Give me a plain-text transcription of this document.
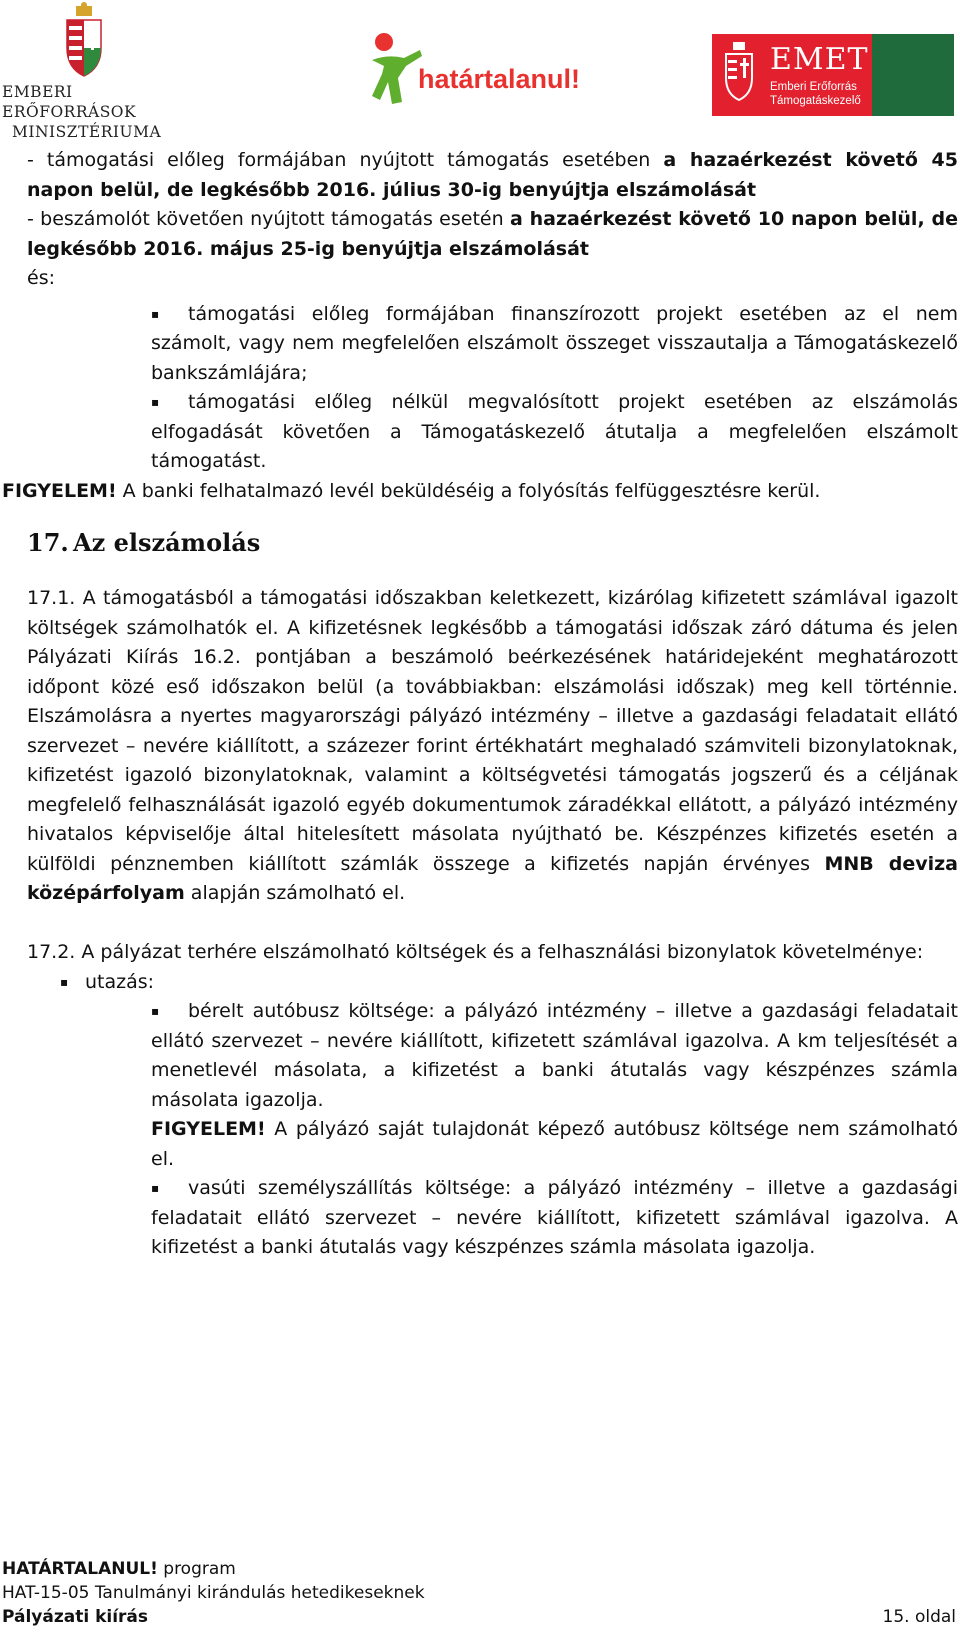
EMBERI ERŐFORRÁSOK
MINISZTÉRIUMA
határtalanul!
EMET
Emberi Erőforrás
Támogatáskezelő

- támogatási előleg formájában nyújtott támogatás esetében a hazaérkezést követő 45 napon belül, de legkésőbb 2016. július 30-ig benyújtja elszámolását

- beszámolót követően nyújtott támogatás esetén a hazaérkezést követő 10 napon belül, de legkésőbb 2016. május 25-ig benyújtja elszámolását

és:

▪ támogatási előleg formájában finanszírozott projekt esetében az el nem számolt, vagy nem megfelelően elszámolt összeget visszautalja a Támogatáskezelő bankszámlájára;
▪ támogatási előleg nélkül megvalósított projekt esetében az elszámolás elfogadását követően a Támogatáskezelő átutalja a megfelelően elszámolt támogatást.

FIGYELEM! A banki felhatalmazó levél beküldéséig a folyósítás felfüggesztésre kerül.

17. Az elszámolás

17.1. A támogatásból a támogatási időszakban keletkezett, kizárólag kifizetett számlával igazolt költségek számolhatók el. A kifizetésnek legkésőbb a támogatási időszak záró dátuma és jelen Pályázati Kiírás 16.2. pontjában a beszámoló beérkezésének határidejeként meghatározott időpont közé eső időszakon belül (a továbbiakban: elszámolási időszak) meg kell történnie. Elszámolásra a nyertes magyarországi pályázó intézmény – illetve a gazdasági feladatait ellátó szervezet – nevére kiállított, a százezer forint értékhatárt meghaladó számviteli bizonylatoknak, kifizetést igazoló bizonylatoknak, valamint a költségvetési támogatás jogszerű és a céljának megfelelő felhasználását igazoló egyéb dokumentumok záradékkal ellátott, a pályázó intézmény hivatalos képviselője által hitelesített másolata nyújtható be. Készpénzes kifizetés esetén a külföldi pénznemben kiállított számlák összege a kifizetés napján érvényes MNB deviza középárfolyam alapján számolható el.

17.2. A pályázat terhére elszámolható költségek és a felhasználási bizonylatok követelménye:

▪ utazás:
▪ bérelt autóbusz költsége: a pályázó intézmény – illetve a gazdasági feladatait ellátó szervezet – nevére kiállított, kifizetett számlával igazolva. A km teljesítését a menetlevél másolata, a kifizetést a banki átutalás vagy készpénzes számla másolata igazolja.

FIGYELEM! A pályázó saját tulajdonát képező autóbusz költsége nem számolható el.

▪ vasúti személyszállítás költsége: a pályázó intézmény – illetve a gazdasági feladatait ellátó szervezet – nevére kiállított, kifizetett számlával igazolva. A kifizetést a banki átutalás vagy készpénzes számla másolata igazolja.
HATÁRTALANUL! program
HAT-15-05 Tanulmányi kirándulás hetedikeseknek
Pályázati kiírás	15. oldal
